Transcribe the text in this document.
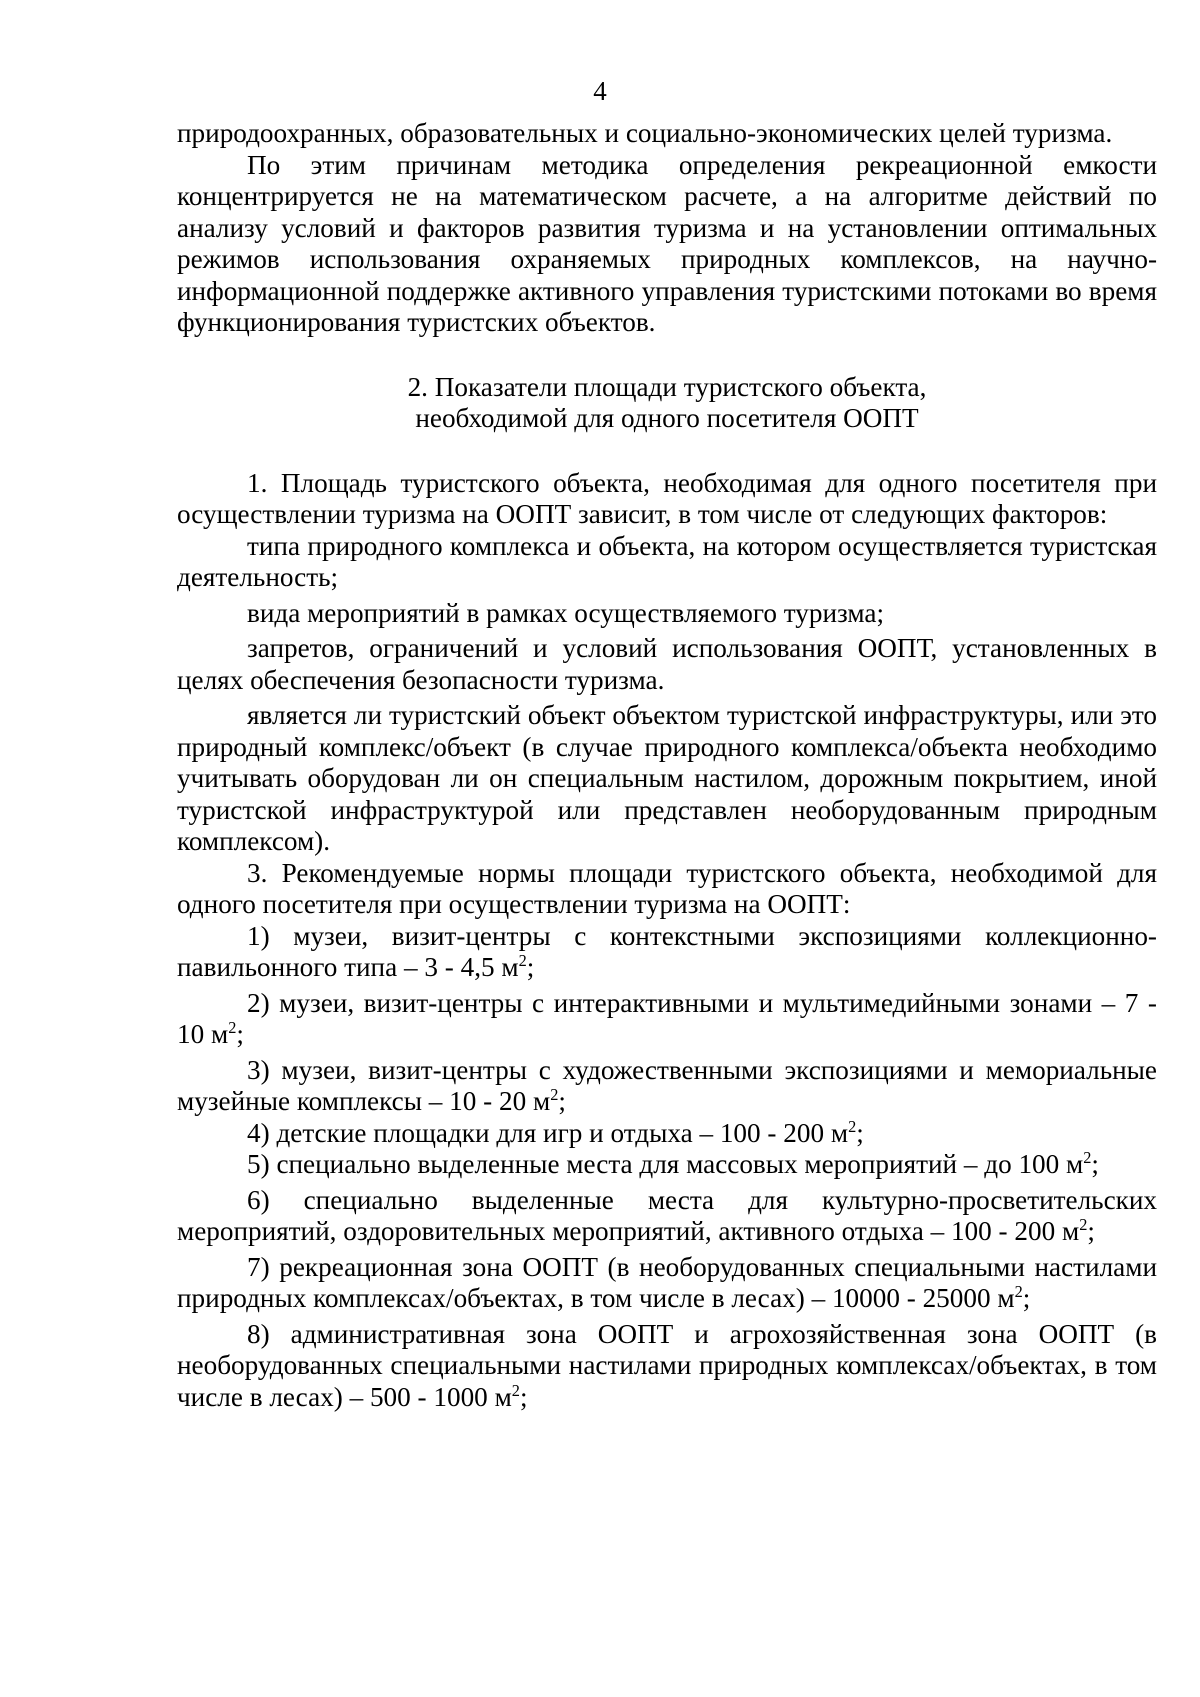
4

природоохранных, образовательных и социально-экономических целей туризма.

По этим причинам методика определения рекреационной емкости концентрируется не на математическом расчете, а на алгоритме действий по анализу условий и факторов развития туризма и на установлении оптимальных режимов использования охраняемых природных комплексов, на научно-информационной поддержке активного управления туристскими потоками во время функционирования туристских объектов.

2. Показатели площади туристского объекта,
необходимой для одного посетителя ООПТ

1. Площадь туристского объекта, необходимая для одного посетителя при осуществлении туризма на ООПТ зависит, в том числе от следующих факторов:

типа природного комплекса и объекта, на котором осуществляется туристская деятельность;

вида мероприятий в рамках осуществляемого туризма;

запретов, ограничений и условий использования ООПТ, установленных в целях обеспечения безопасности туризма.

является ли туристский объект объектом туристской инфраструктуры, или это природный комплекс/объект (в случае природного комплекса/объекта необходимо учитывать оборудован ли он специальным настилом, дорожным покрытием, иной туристской инфраструктурой или представлен необорудованным природным комплексом).

3. Рекомендуемые нормы площади туристского объекта, необходимой для одного посетителя при осуществлении туризма на ООПТ:

1) музеи, визит-центры с контекстными экспозициями коллекционно-павильонного типа – 3 - 4,5 $м^2$;

2) музеи, визит-центры с интерактивными и мультимедийными зонами – 7 - 10 $м^2$;

3) музеи, визит-центры с художественными экспозициями и мемориальные музейные комплексы – 10 - 20 $м^2$;

4) детские площадки для игр и отдыха – 100 - 200 $м^2$;

5) специально выделенные места для массовых мероприятий – до 100 $м^2$;

6) специально выделенные места для культурно-просветительских мероприятий, оздоровительных мероприятий, активного отдыха – 100 - 200 $м^2$;

7) рекреационная зона ООПТ (в необорудованных специальными настилами природных комплексах/объектах, в том числе в лесах) – 10000 - 25000 $м^2$;

8) административная зона ООПТ и агрохозяйственная зона ООПТ (в необорудованных специальными настилами природных комплексах/объектах, в том числе в лесах) – 500 - 1000 $м^2$;
